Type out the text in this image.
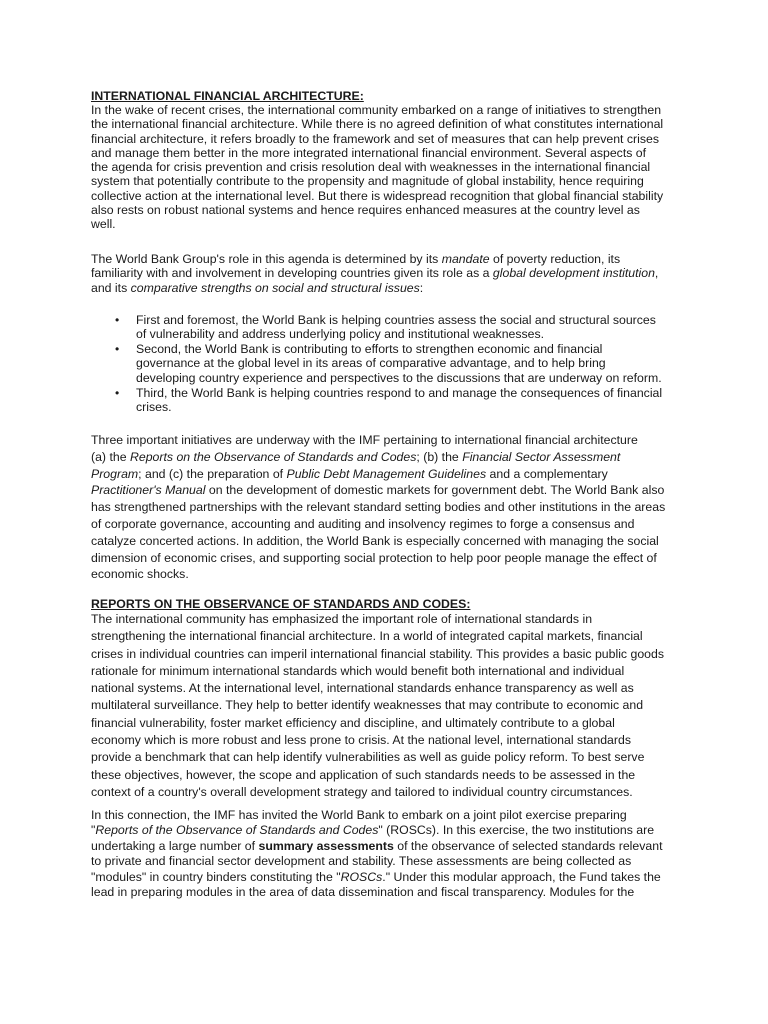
INTERNATIONAL FINANCIAL ARCHITECTURE:

In the wake of recent crises, the international community embarked on a range of initiatives to strengthen
the international financial architecture. While there is no agreed definition of what constitutes international
financial architecture, it refers broadly to the framework and set of measures that can help prevent crises
and manage them better in the more integrated international financial environment. Several aspects of
the agenda for crisis prevention and crisis resolution deal with weaknesses in the international financial
system that potentially contribute to the propensity and magnitude of global instability, hence requiring
collective action at the international level. But there is widespread recognition that global financial stability
also rests on robust national systems and hence requires enhanced measures at the country level as
well.

The World Bank Group's role in this agenda is determined by its mandate of poverty reduction, its
familiarity with and involvement in developing countries given its role as a global development institution,
and its comparative strengths on social and structural issues:

• First and foremost, the World Bank is helping countries assess the social and structural sources
of vulnerability and address underlying policy and institutional weaknesses.
• Second, the World Bank is contributing to efforts to strengthen economic and financial
governance at the global level in its areas of comparative advantage, and to help bring
developing country experience and perspectives to the discussions that are underway on reform.
• Third, the World Bank is helping countries respond to and manage the consequences of financial
crises.

Three important initiatives are underway with the IMF pertaining to international financial architecture
(a) the Reports on the Observance of Standards and Codes; (b) the Financial Sector Assessment
Program; and (c) the preparation of Public Debt Management Guidelines and a complementary
Practitioner's Manual on the development of domestic markets for government debt. The World Bank also
has strengthened partnerships with the relevant standard setting bodies and other institutions in the areas
of corporate governance, accounting and auditing and insolvency regimes to forge a consensus and
catalyze concerted actions. In addition, the World Bank is especially concerned with managing the social
dimension of economic crises, and supporting social protection to help poor people manage the effect of
economic shocks.

REPORTS ON THE OBSERVANCE OF STANDARDS AND CODES:

The international community has emphasized the important role of international standards in
strengthening the international financial architecture. In a world of integrated capital markets, financial
crises in individual countries can imperil international financial stability. This provides a basic public goods
rationale for minimum international standards which would benefit both international and individual
national systems. At the international level, international standards enhance transparency as well as
multilateral surveillance. They help to better identify weaknesses that may contribute to economic and
financial vulnerability, foster market efficiency and discipline, and ultimately contribute to a global
economy which is more robust and less prone to crisis. At the national level, international standards
provide a benchmark that can help identify vulnerabilities as well as guide policy reform. To best serve
these objectives, however, the scope and application of such standards needs to be assessed in the
context of a country's overall development strategy and tailored to individual country circumstances.

In this connection, the IMF has invited the World Bank to embark on a joint pilot exercise preparing
"Reports of the Observance of Standards and Codes" (ROSCs). In this exercise, the two institutions are
undertaking a large number of summary assessments of the observance of selected standards relevant
to private and financial sector development and stability. These assessments are being collected as
"modules" in country binders constituting the "ROSCs." Under this modular approach, the Fund takes the
lead in preparing modules in the area of data dissemination and fiscal transparency. Modules for the
